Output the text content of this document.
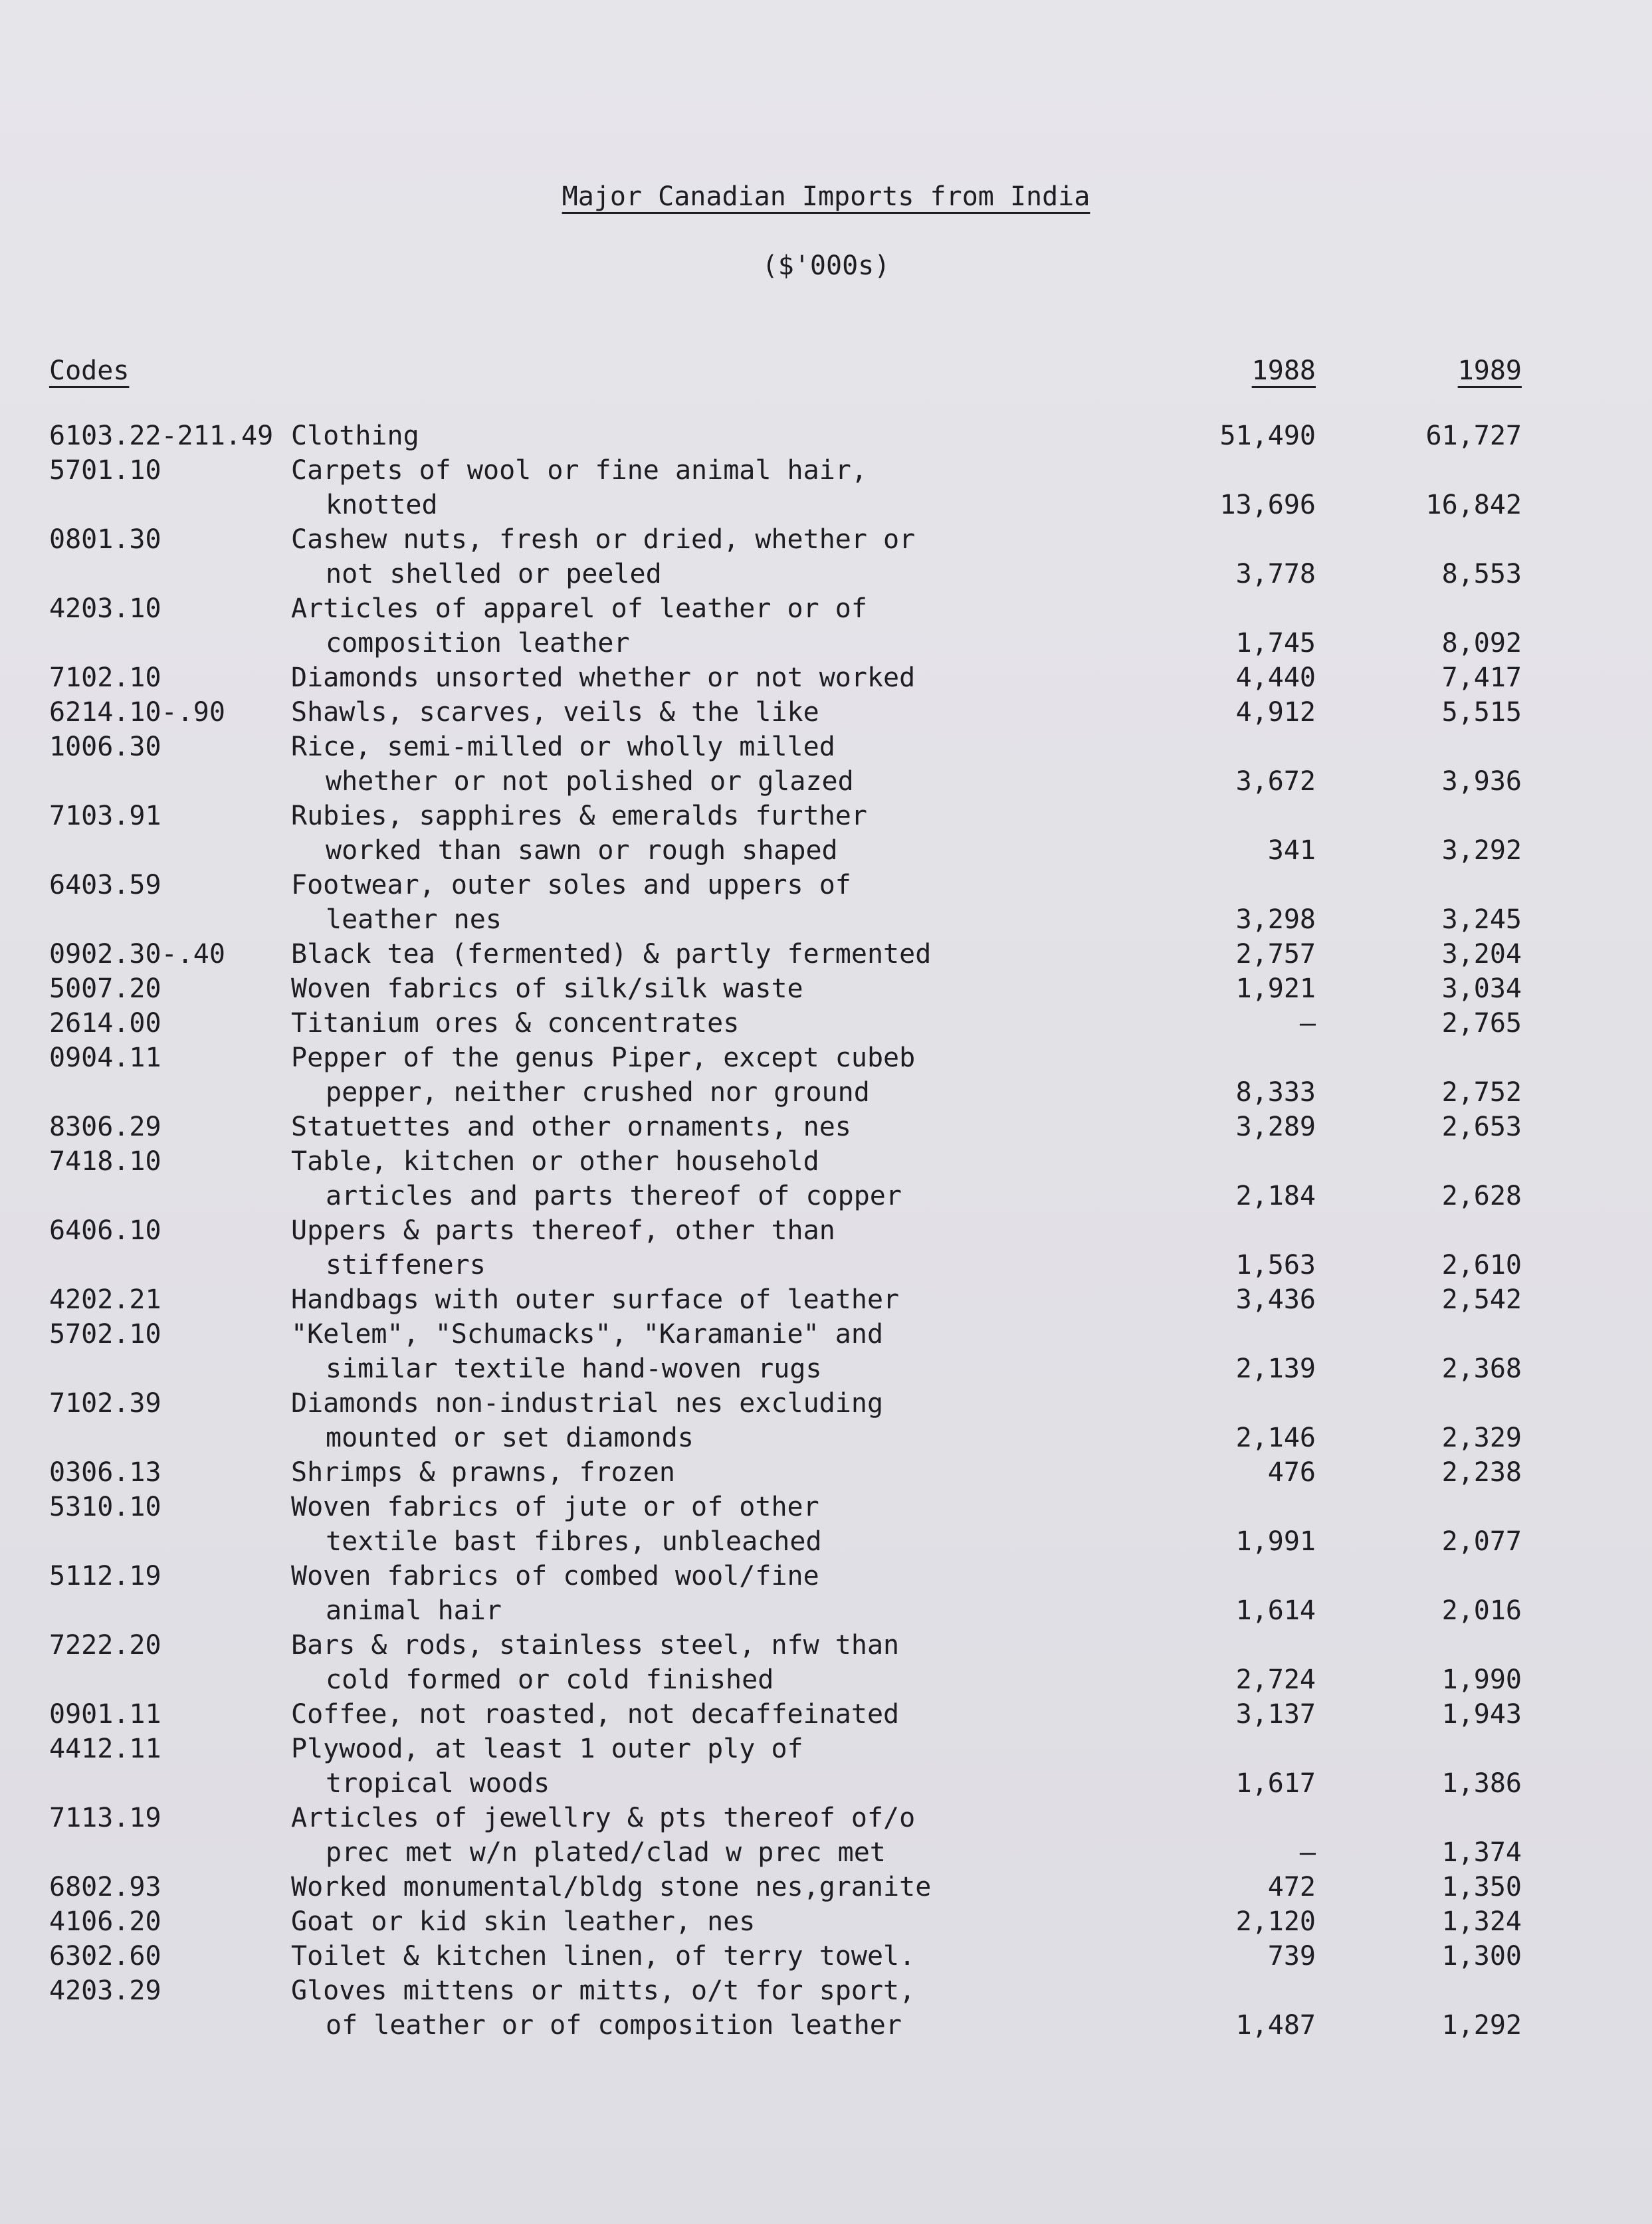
Major Canadian Imports from India
($'000s)
Codes	1988	1989
6103.22-211.49 Clothing	51,490	61,727
5701.10	Carpets of wool or fine animal hair,
knotted	13,696	16,842
0801.30	Cashew nuts, fresh or dried, whether or
not shelled or peeled	3,778	8,553
4203.10	Articles of apparel of leather or of
composition leather	1,745	8,092
7102.10	Diamonds unsorted whether or not worked	4,440	7,417
6214.10-.90 Shawls, scarves, veils & the like	4,912	5,515
1006.30	Rice, semi-milled or wholly milled
whether or not polished or glazed	3,672	3,936
7103.91	Rubies, sapphires & emeralds further
worked than sawn or rough shaped	341	3,292
6403.59	Footwear, outer soles and uppers of
leather nes	3,298	3,245
0902.30-.40 Black tea (fermented) & partly fermented	2,757	3,204
5007.20	Woven fabrics of silk/silk waste	1,921	3,034
2614.00	Titanium ores & concentrates	–	2,765
0904.11	Pepper of the genus Piper, except cubeb
pepper, neither crushed nor ground	8,333	2,752
8306.29	Statuettes and other ornaments, nes	3,289	2,653
7418.10	Table, kitchen or other household
articles and parts thereof of copper	2,184	2,628
6406.10	Uppers & parts thereof, other than
stiffeners	1,563	2,610
4202.21	Handbags with outer surface of leather	3,436	2,542
5702.10	"Kelem", "Schumacks", "Karamanie" and
similar textile hand-woven rugs	2,139	2,368
7102.39	Diamonds non-industrial nes excluding
mounted or set diamonds	2,146	2,329
0306.13	Shrimps & prawns, frozen	476	2,238
5310.10	Woven fabrics of jute or of other
textile bast fibres, unbleached	1,991	2,077
5112.19	Woven fabrics of combed wool/fine
animal hair	1,614	2,016
7222.20	Bars & rods, stainless steel, nfw than
cold formed or cold finished	2,724	1,990
0901.11	Coffee, not roasted, not decaffeinated	3,137	1,943
4412.11	Plywood, at least 1 outer ply of
tropical woods	1,617	1,386
7113.19	Articles of jewellry & pts thereof of/o
prec met w/n plated/clad w prec met	–	1,374
6802.93	Worked monumental/bldg stone nes,granite	472	1,350
4106.20	Goat or kid skin leather, nes	2,120	1,324
6302.60	Toilet & kitchen linen, of terry towel.	739	1,300
4203.29	Gloves mittens or mitts, o/t for sport,
of leather or of composition leather	1,487	1,292
